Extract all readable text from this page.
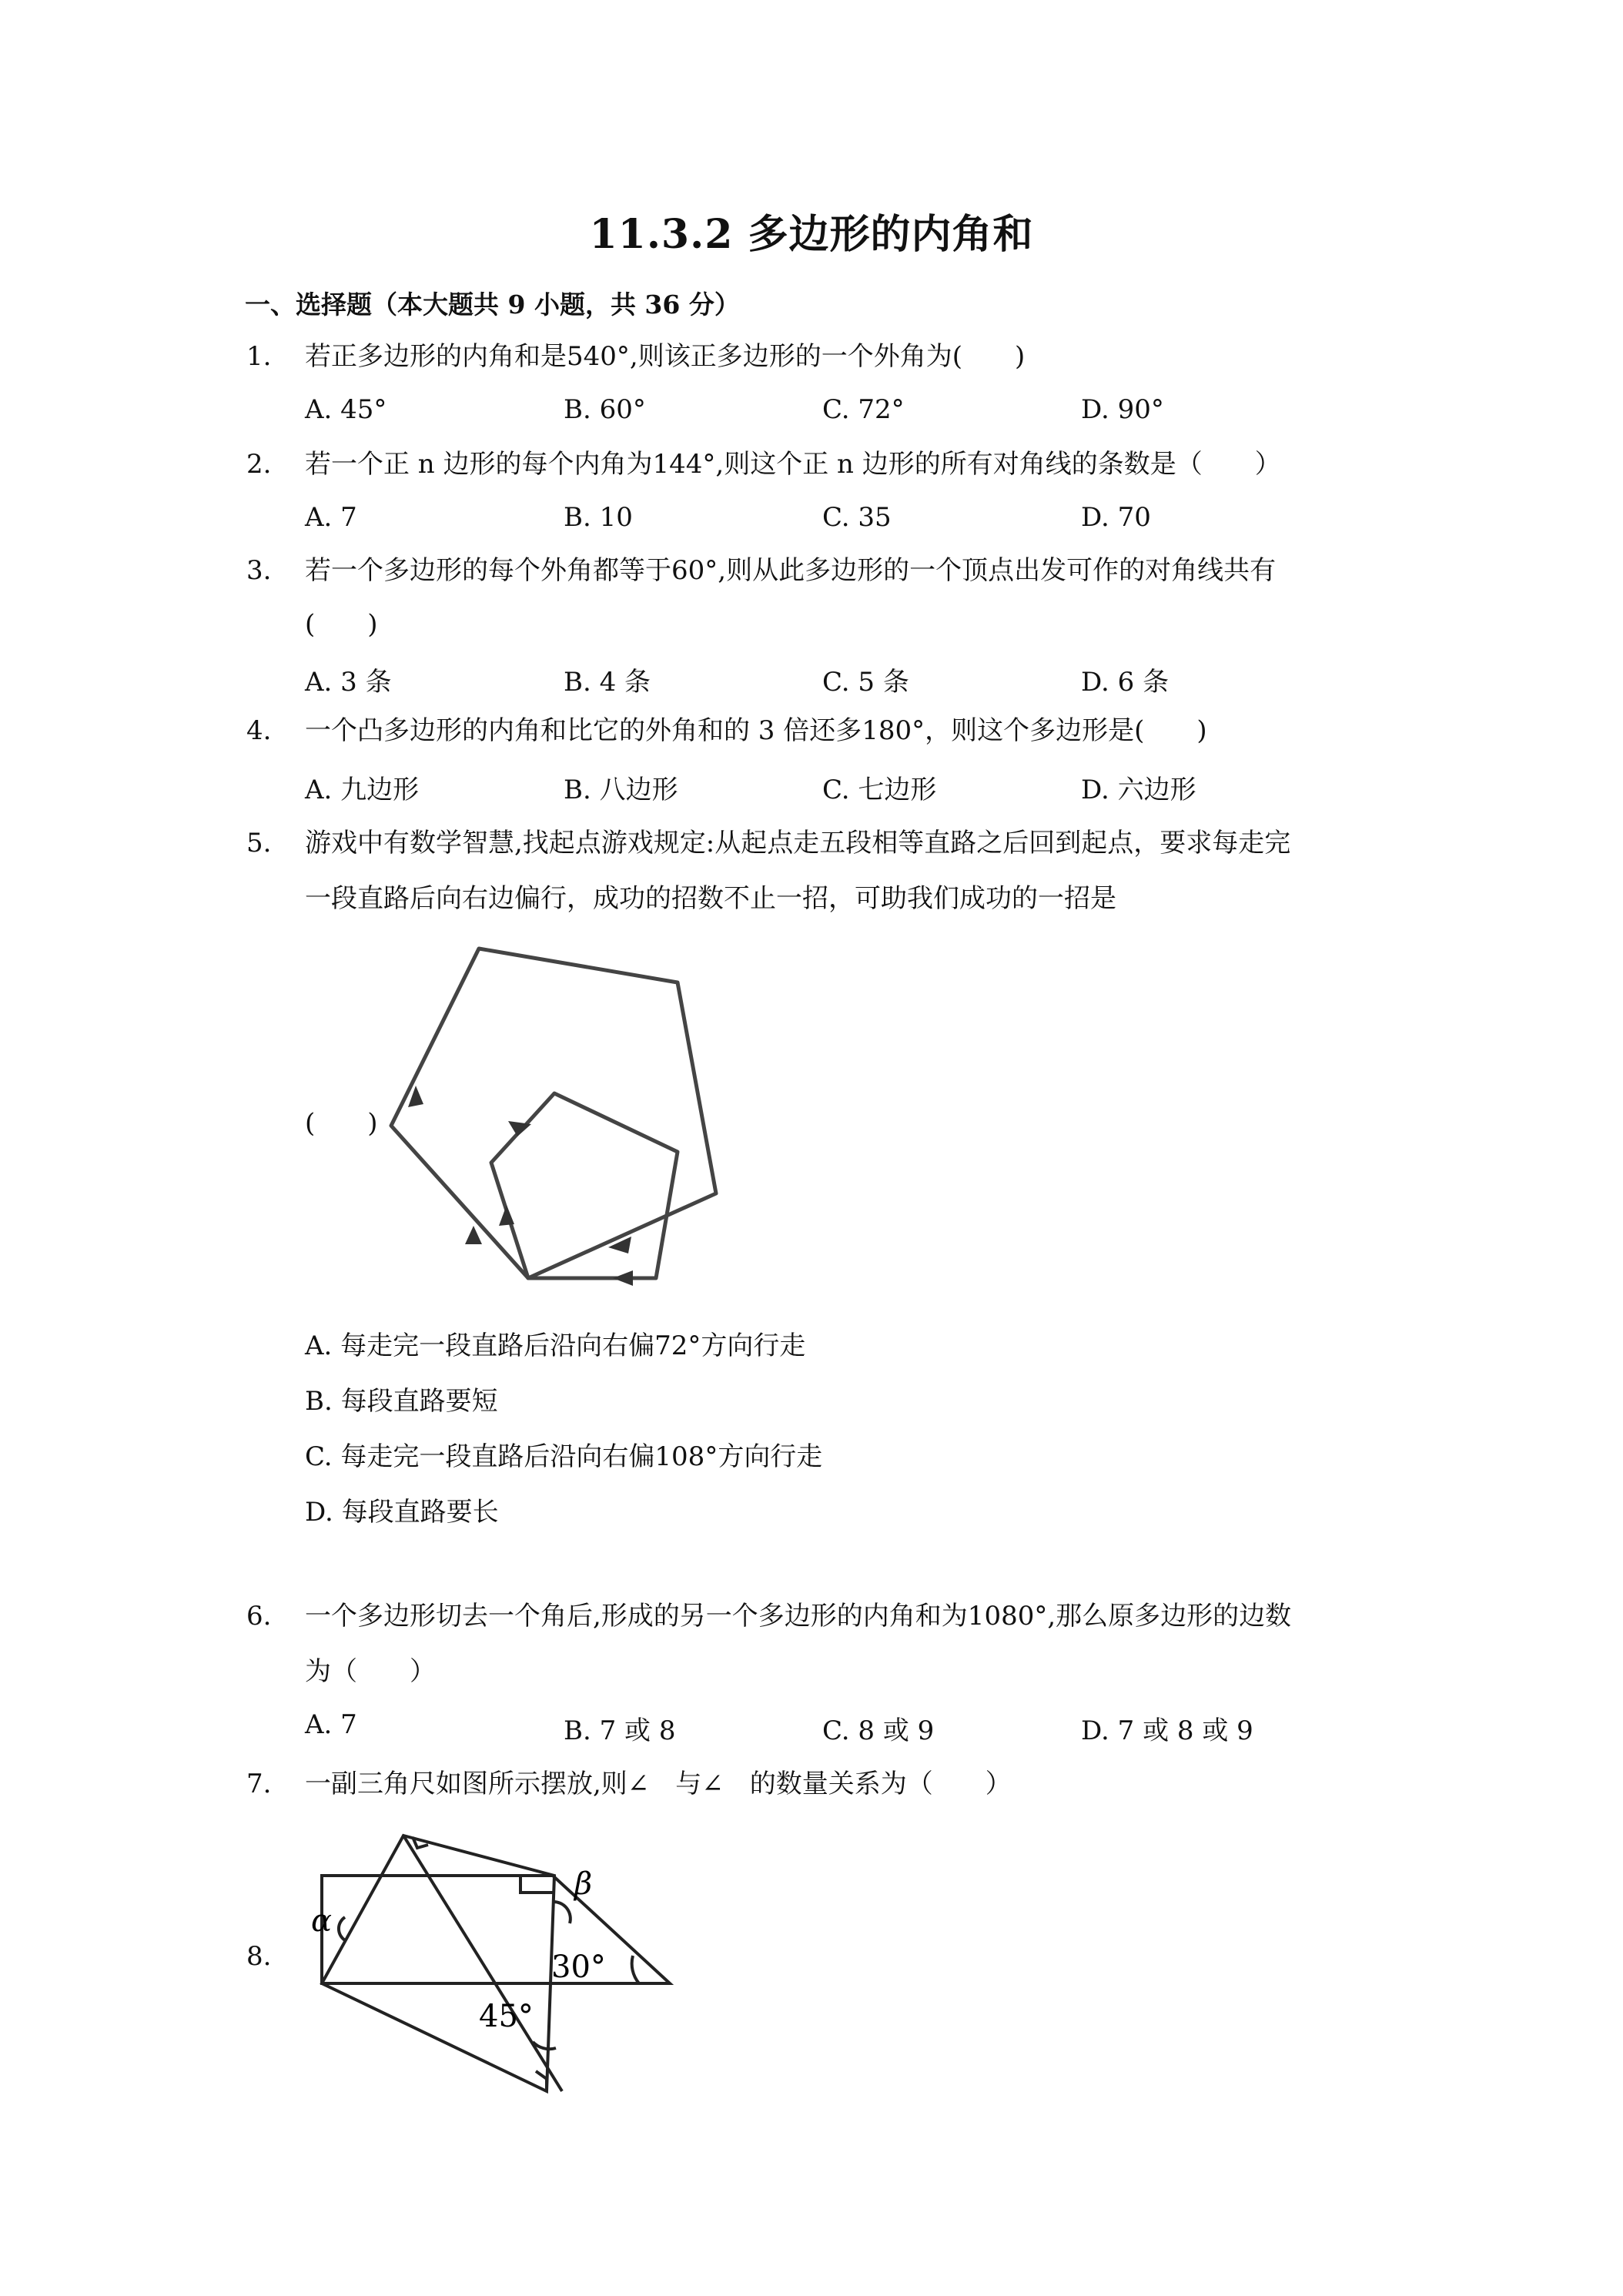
11.3.2 多边形的内角和
一、选择题（本大题共 9 小题，共 36 分）
1. 若正多边形的内角和是540°,则该正多边形的一个外角为(　　)
A. 45°	B. 60°	C. 72°	D. 90°
2. 若一个正 n 边形的每个内角为144°,则这个正 n 边形的所有对角线的条数是（　　）
A. 7	B. 10	C. 35	D. 70
3. 若一个多边形的每个外角都等于60°,则从此多边形的一个顶点出发可作的对角线共有
(　　)
A. 3 条	B. 4 条	C. 5 条	D. 6 条
4. 一个凸多边形的内角和比它的外角和的 3 倍还多180°，则这个多边形是(　　)
A. 九边形	B. 八边形	C. 七边形	D. 六边形
5. 游戏中有数学智慧,找起点游戏规定:从起点走五段相等直路之后回到起点，要求每走完
一段直路后向右边偏行，成功的招数不止一招，可助我们成功的一招是
(　　)
A. 每走完一段直路后沿向右偏72°方向行走
B. 每段直路要短
C. 每走完一段直路后沿向右偏108°方向行走
D. 每段直路要长
6. 一个多边形切去一个角后,形成的另一个多边形的内角和为1080°,那么原多边形的边数
为（　　）
A. 7	B. 7 或 8	C. 8 或 9	D. 7 或 8 或 9
7. 一副三角尺如图所示摆放,则∠　与∠　的数量关系为（　　）
8.
α
β
30°
45°
